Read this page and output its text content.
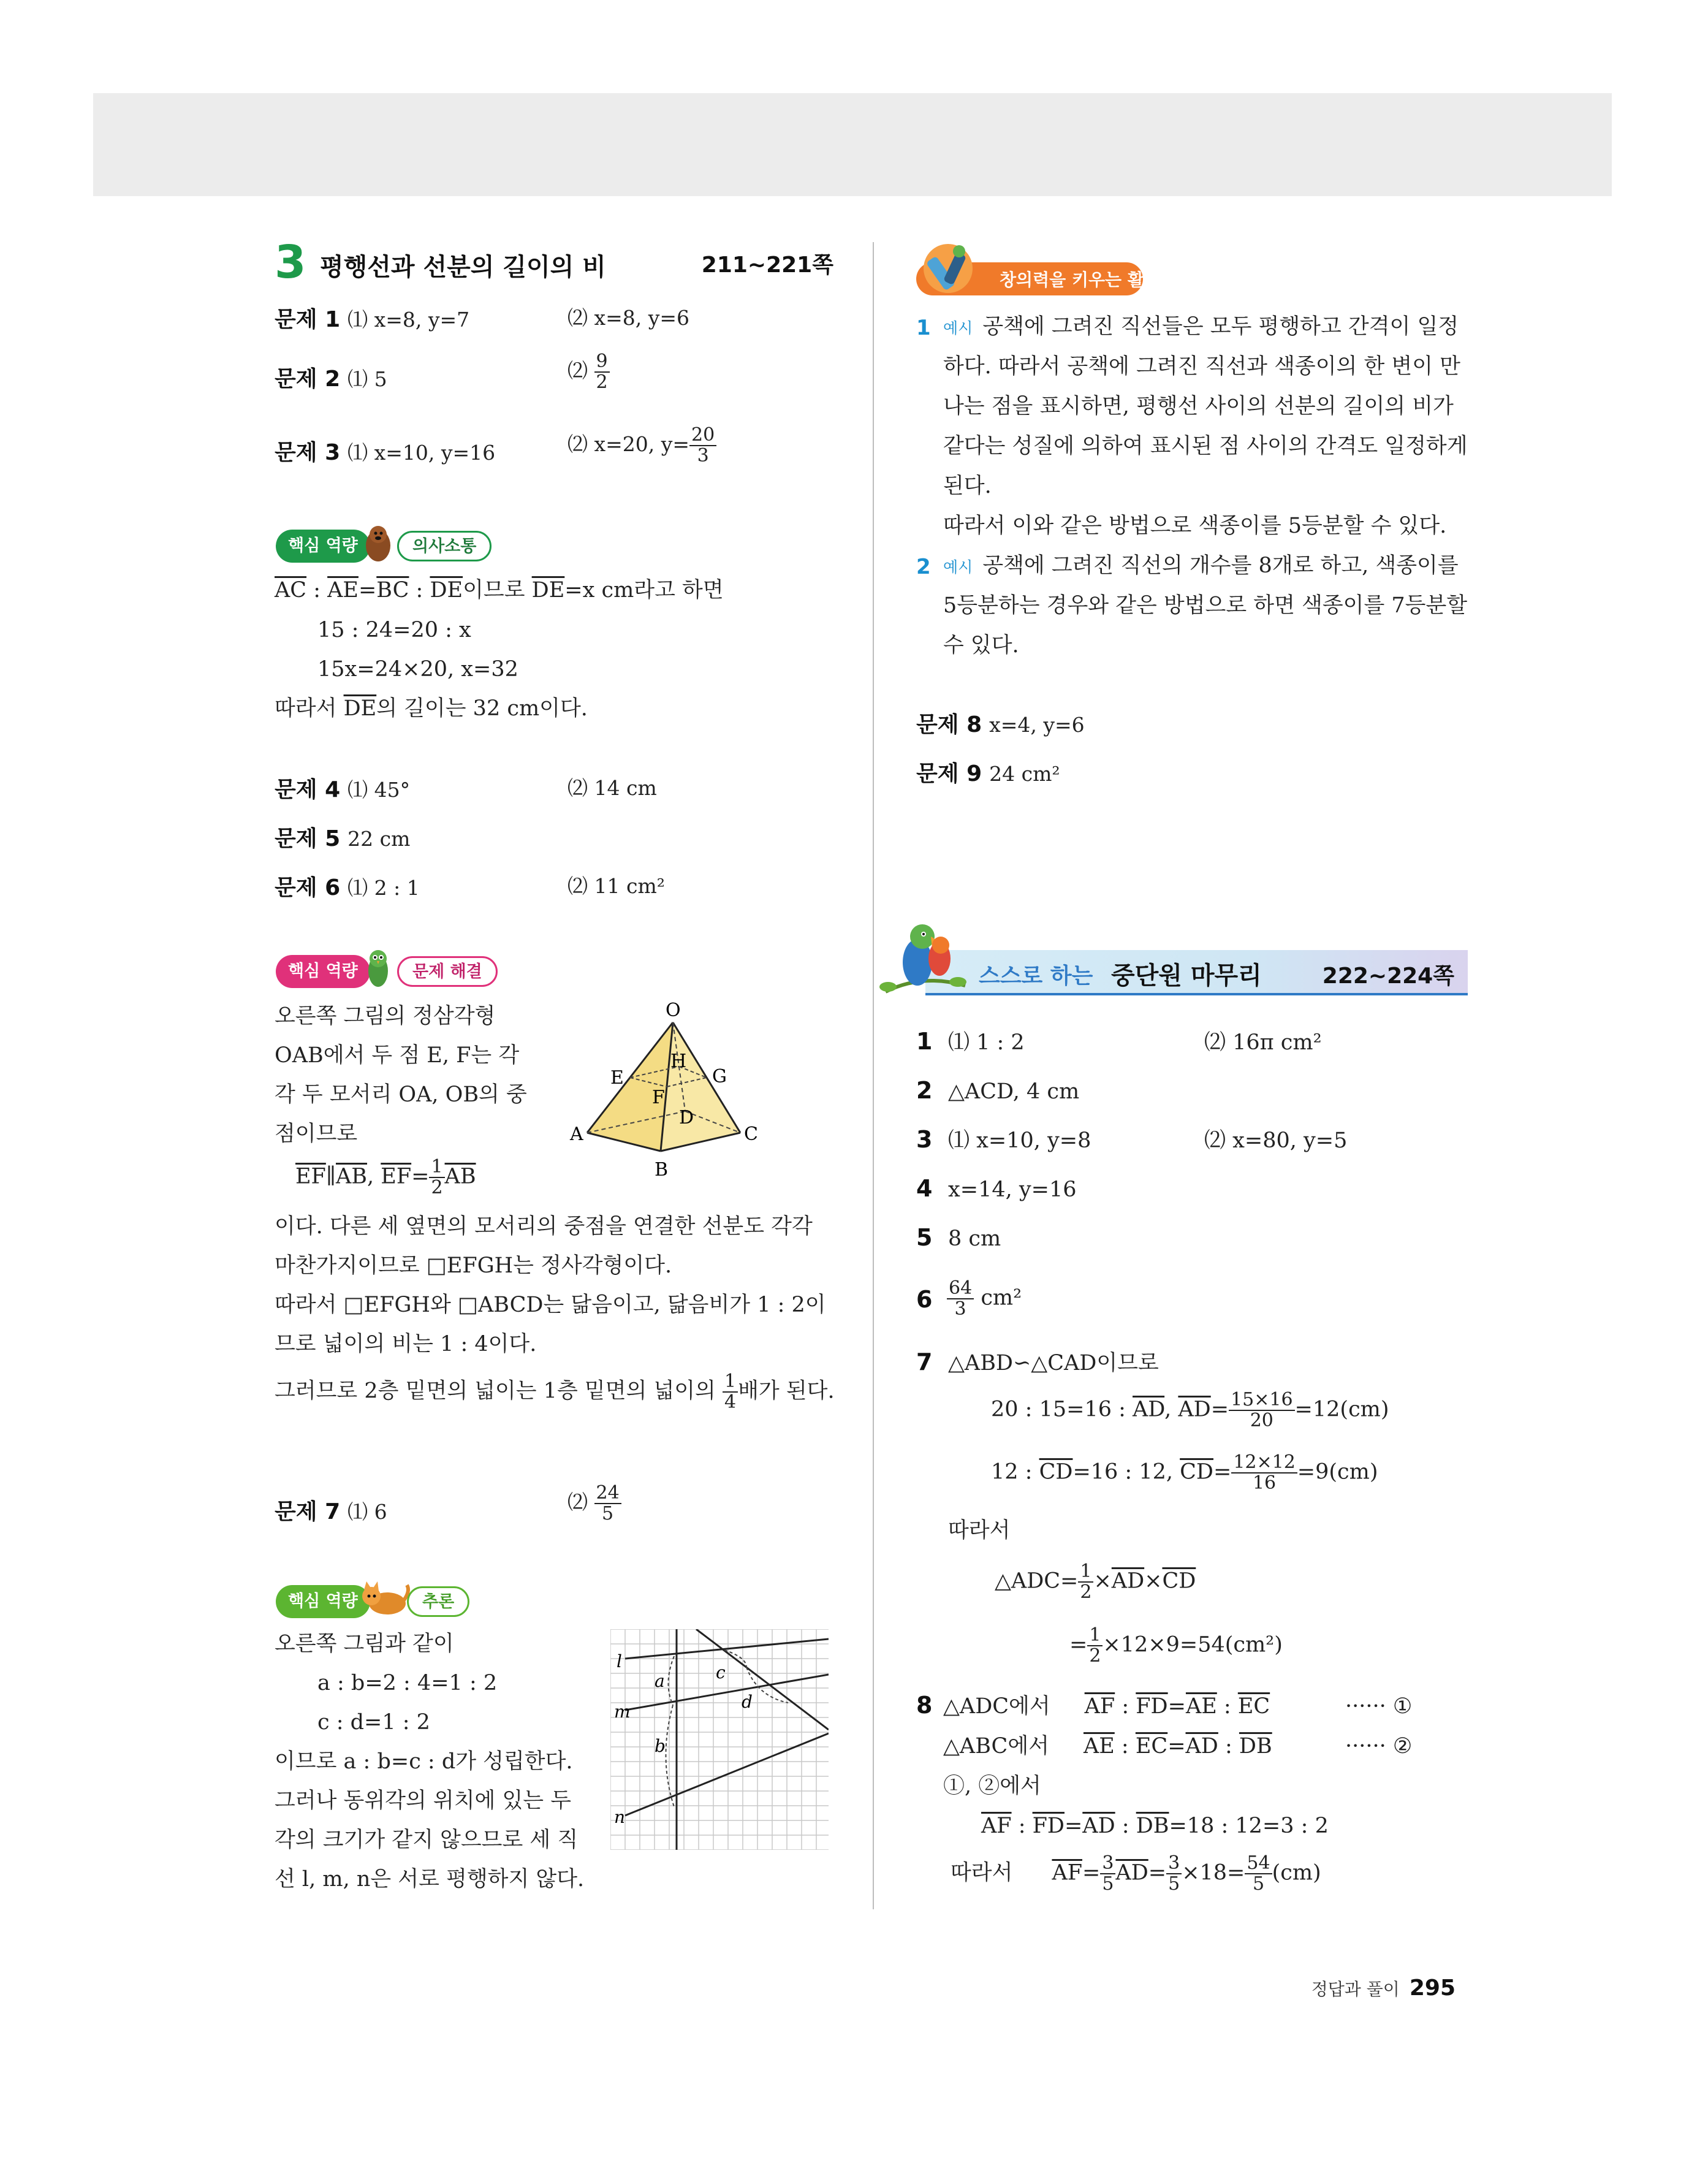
3 평행선과 선분의 길이의 비	211~221쪽
문제 1 ⑴ x=8, y=7	⑵ x=8, y=6
문제 2 ⑴ 5	⑵ $\frac{9}{2}$
문제 3 ⑴ x=10, y=16	⑵ x=20, $y= \frac{20}{3}$
핵심 역량	의사소통
$\overline{AC}$ : $\overline{AE}=\overline{BC}$ : $\overline{DE}$이므로 $\overline{DE}=x$ cm라고 하면
15 : 24=20 : x
15x=24×20, x=32
따라서 $\overline{DE}$의 길이는 32 cm이다.
문제 4 ⑴ 45°	⑵ 14 cm
문제 5 22 cm
문제 6 ⑴ 2 : 1	⑵ 11 cm²
핵심 역량	문제 해결
오른쪽 그림의 정삼각형
OAB에서 두 점 E, F는 각
각 두 모서리 OA, OB의 중
점이므로
$\overline{EF}\parallel\overline{AB}$, $\overline{EF}= \frac{1}{2} \overline{AB}$
이다. 다른 세 옆면의 모서리의 중점을 연결한 선분도 각각
마찬가지이므로 □EFGH는 정사각형이다.
따라서 □EFGH와 □ABCD는 닮음이고, 닮음비가 1 : 2이
므로 넓이의 비는 1 : 4이다.
그러므로 2층 밑면의 넓이는 1층 밑면의 넓이의 $\frac{1}{4}$ 배가 된다.
O
E
H
G
F
D
A	C
B
문제 7 ⑴ 6	⑵ $\frac{24}{5}$
핵심 역량	추론
오른쪽 그림과 같이
a : b=2 : 4=1 : 2
c : d=1 : 2
이므로 a : b=c : d가 성립한다.
그러나 동위각의 위치에 있는 두
각의 크기가 같지 않으므로 세 직
선 l, m, n은 서로 평행하지 않다.
l
m
n
a
b
c
d
창의력을 키우는 활동
1 예시 공책에 그려진 직선들은 모두 평행하고 간격이 일정
하다. 따라서 공책에 그려진 직선과 색종이의 한 변이 만
나는 점을 표시하면, 평행선 사이의 선분의 길이의 비가
같다는 성질에 의하여 표시된 점 사이의 간격도 일정하게
된다.
따라서 이와 같은 방법으로 색종이를 5등분할 수 있다.
2 예시 공책에 그려진 직선의 개수를 8개로 하고, 색종이를
5등분하는 경우와 같은 방법으로 하면 색종이를 7등분할
수 있다.
문제 8 x=4, y=6
문제 9 24 cm²
스스로 하는 중단원 마무리	222~224쪽
1 ⑴ 1 : 2	⑵ 16π cm²
2 △ACD, 4 cm
3 ⑴ x=10, y=8	⑵ x=80, y=5
4 x=14, y=16
5 8 cm
$6 \frac{64}{3} cm^2$
7 △ABD∽△CAD이므로
20 : 15=16 : $\overline{AD}$, $\overline{AD}= \frac{15\times 16}{20} =12(cm)$
12 : $\overline{CD}=16$ : 12, $\overline{CD}= \frac{12\times 12}{16} =9(cm)$
따라서
△ADC= $\frac{1}{2} \times\overline{AD}\times\overline{CD}$
= $\frac{1}{2} \times 12\times 9=54(cm^2)$
8 △ADC에서 $\overline{AF}$ : $\overline{FD}=\overline{AE}$ : $\overline{EC}$	······ ①
△ABC에서 $\overline{AE}$ : $\overline{EC}=\overline{AD}$ : $\overline{DB}$	······ ②
①, ②에서
$\overline{AF}$ : $\overline{FD}=\overline{AD}$ : $\overline{DB}=18$ : 12=3 : 2
따라서 $\overline{AF}= \frac{3}{5} \overline{AD}= \frac{3}{5} \times 18= \frac{54}{5} (cm)$
정답과 풀이 295
